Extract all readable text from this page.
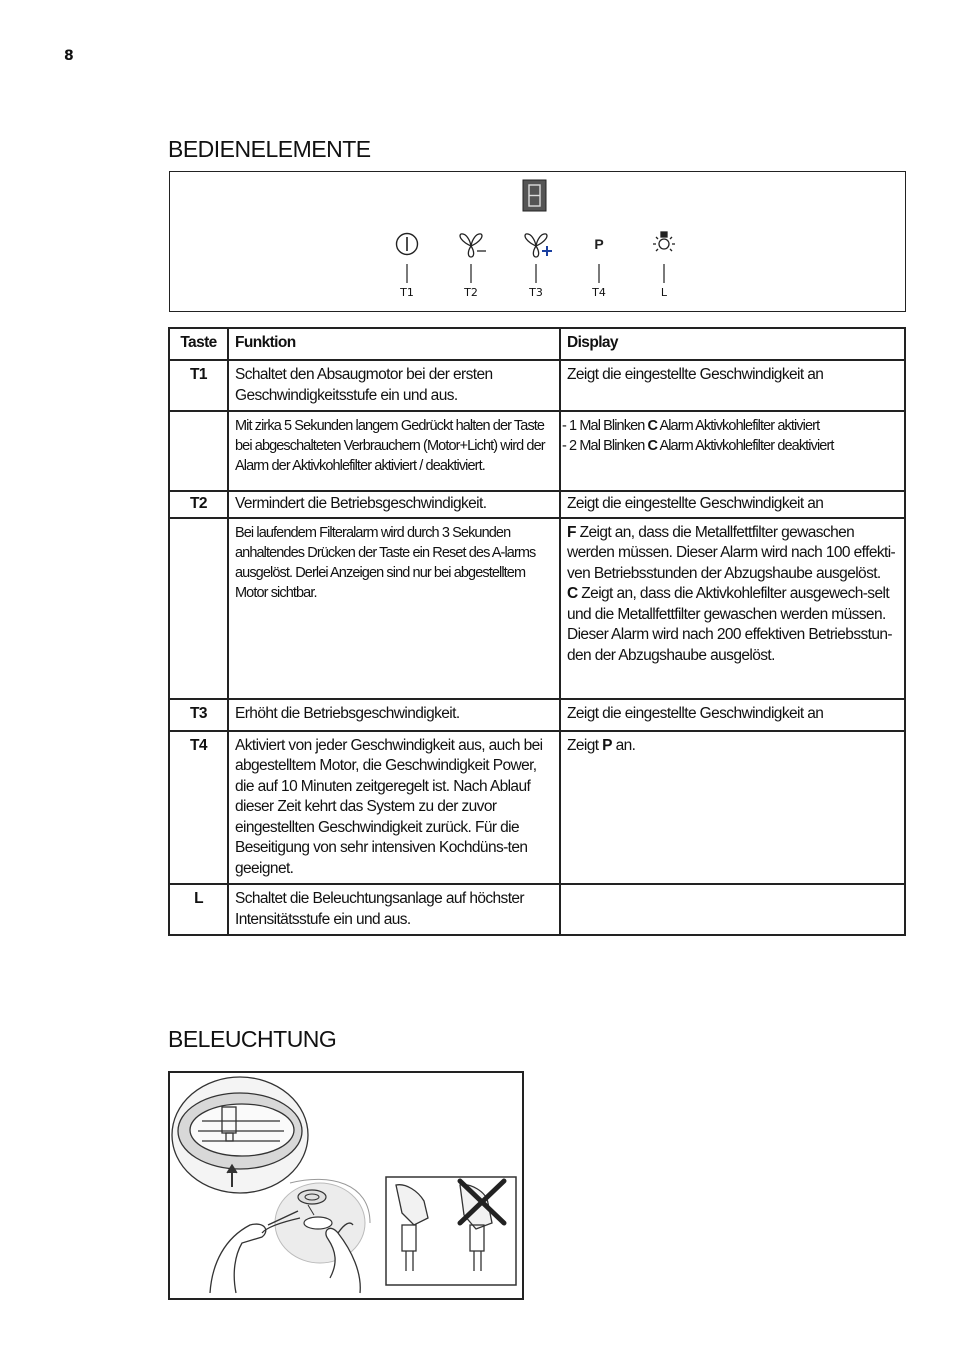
8
BEDIENELEMENTE
P
T1	T2	T3	T4	L
Taste	Funktion	Display
T1	Schaltet den Absaugmotor bei der ersten Geschwindigkeitsstufe ein und aus.	Zeigt die eingestellte Geschwindigkeit an
	Mit zirka 5 Sekunden langem Gedrückt halten der Taste bei abgeschalteten Verbrauchern (Motor+Licht) wird der Alarm der Aktivkohlefilter aktiviert / deaktiviert.	- 1 Mal Blinken C Alarm Aktivkohlefilter aktiviert
- 2 Mal Blinken C Alarm Aktivkohlefilter deaktiviert

T2	Vermindert die Betriebsgeschwindigkeit.	Zeigt die eingestellte Geschwindigkeit an
	Bei laufendem Filteralarm wird durch 3 Sekunden anhaltendes Drücken der Taste ein Reset des A-larms ausgelöst. Derlei Anzeigen sind nur bei abgestelltem Motor sichtbar.	F Zeigt an, dass die Metallfettfilter gewaschen werden müssen. Dieser Alarm wird nach 100 effekti-ven Betriebsstunden der Abzugshaube ausgelöst.
C Zeigt an, dass die Aktivkohlefilter ausgewech-selt und die Metallfettfilter gewaschen werden müssen. Dieser Alarm wird nach 200 effektiven Betriebsstun-den der Abzugshaube ausgelöst.

T3	Erhöht die Betriebsgeschwindigkeit.	Zeigt die eingestellte Geschwindigkeit an
T4	Aktiviert von jeder Geschwindigkeit aus, auch bei abgestelltem Motor, die Geschwindigkeit Power, die auf 10 Minuten zeitgeregelt ist. Nach Ablauf dieser Zeit kehrt das System zu der zuvor eingestellten Geschwindigkeit zurück. Für die Beseitigung von sehr intensiven Kochdüns-ten geeignet.	Zeigt P an.
L	Schaltet die Beleuchtungsanlage auf höchster Intensitätsstufe ein und aus.	
BELEUCHTUNG
